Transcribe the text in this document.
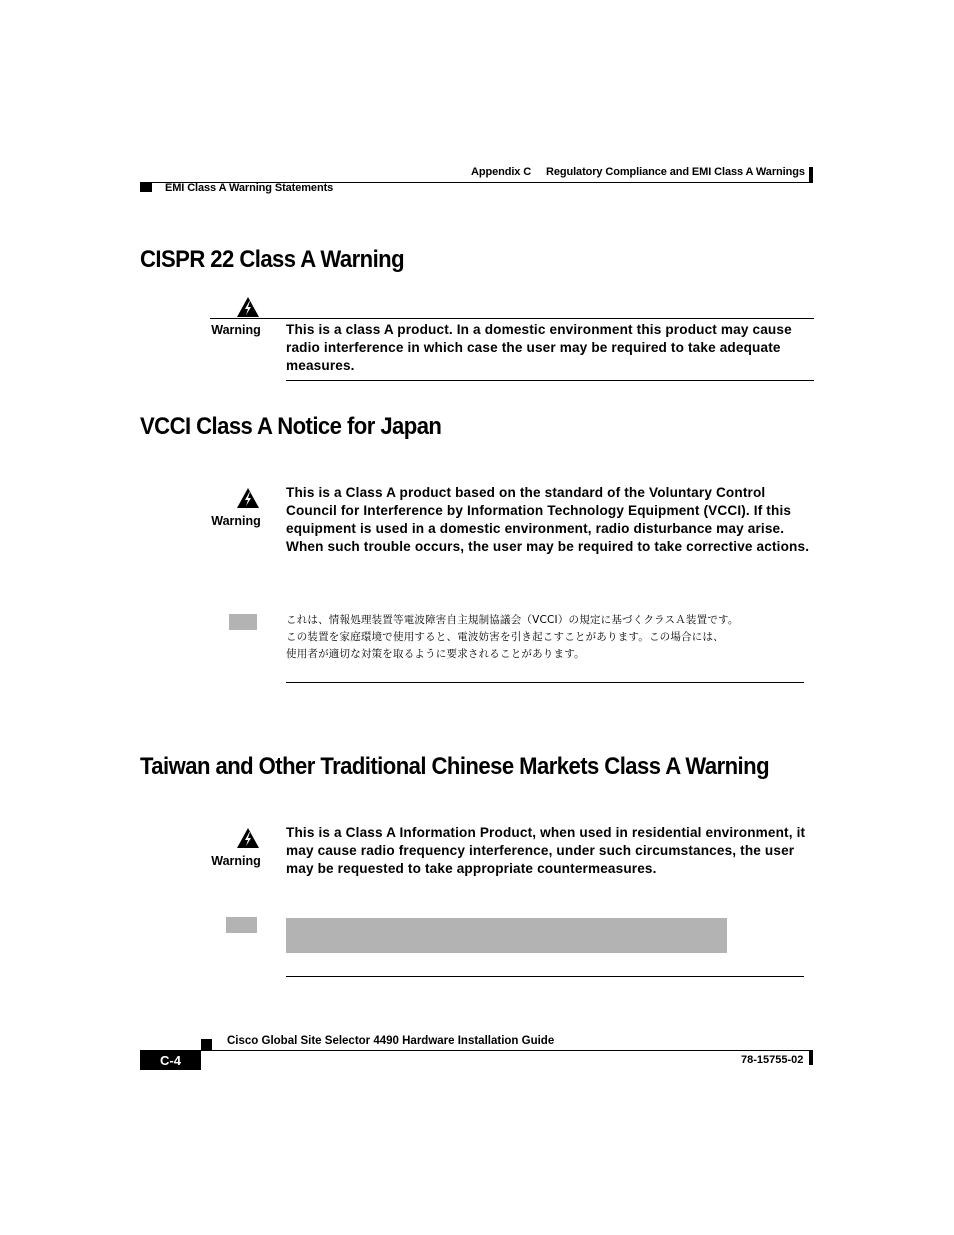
Appendix C Regulatory Compliance and EMI Class A Warnings
EMI Class A Warning Statements
CISPR 22 Class A Warning
Warning	This is a class A product. In a domestic environment this product may cause radio interference in which case the user may be required to take adequate measures.
VCCI Class A Notice for Japan
Warning
This is a Class A product based on the standard of the Voluntary Control Council for Interference by Information Technology Equipment (VCCI). If this equipment is used in a domestic environment, radio disturbance may arise. When such trouble occurs, the user may be required to take corrective actions.
これは、情報処理装置等電波障害自主規制協議会（VCCI）の規定に基づくクラスＡ装置です。
この装置を家庭環境で使用すると、電波妨害を引き起こすことがあります。この場合には、
使用者が適切な対策を取るように要求されることがあります。
Taiwan and Other Traditional Chinese Markets Class A Warning
Warning
This is a Class A Information Product, when used in residential environment, it may cause radio frequency interference, under such circumstances, the user may be requested to take appropriate countermeasures.
Cisco Global Site Selector 4490 Hardware Installation Guide
C-4	78-15755-02
